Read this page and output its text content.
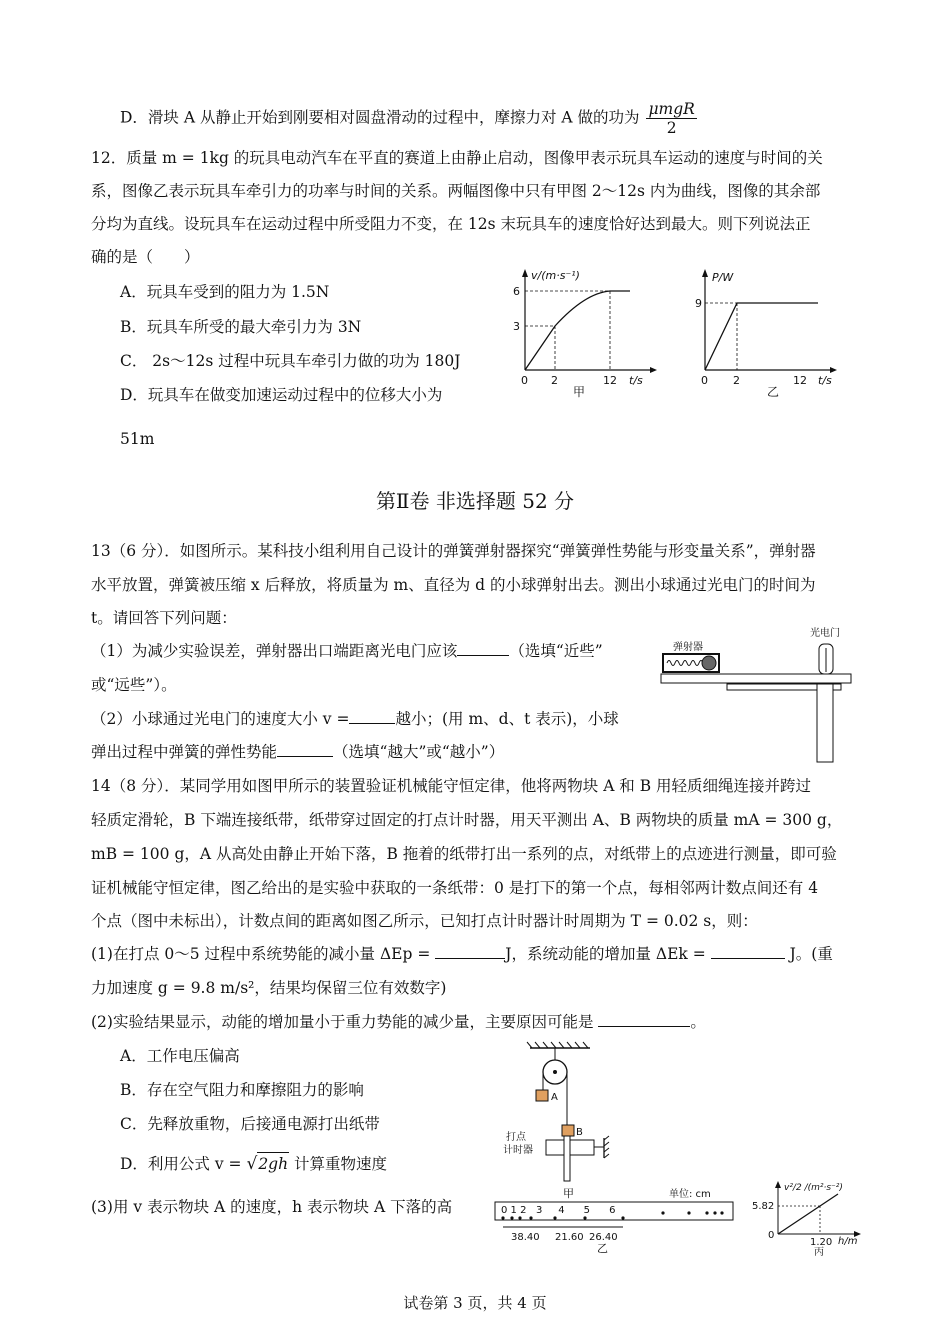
D．滑块 A 从静止开始到刚要相对圆盘滑动的过程中，摩擦力对 A 做的功为 $\frac{\text{μmgR}}{2}$
12．质量 m = 1kg 的玩具电动汽车在平直的赛道上由静止启动，图像甲表示玩具车运动的速度与时间的关
系，图像乙表示玩具车牵引力的功率与时间的关系。两幅图像中只有甲图 2～12s 内为曲线，图像的其余部
分均为直线。设玩具车在运动过程中所受阻力不变，在 12s 末玩具车的速度恰好达到最大。则下列说法正
确的是（　　）
A．玩具车受到的阻力为 1.5N
B．玩具车所受的最大牵引力为 3N
C． 2s～12s 过程中玩具车牵引力做的功为 180J
D．玩具车在做变加速运动过程中的位移大小为
51m
v/(m·s⁻¹)
6
3
0 2	12 t/s
甲
P/W
9
0 2	12 t/s
乙
第Ⅱ卷 非选择题 52 分
13（6 分）．如图所示。某科技小组利用自己设计的弹簧弹射器探究“弹簧弹性势能与形变量关系”，弹射器
水平放置，弹簧被压缩 x 后释放，将质量为 m、直径为 d 的小球弹射出去。测出小球通过光电门的时间为
t。请回答下列问题：
（1）为减少实验误差，弹射器出口端距离光电门应该	（选填“近些”
或“远些”）。
（2）小球通过光电门的速度大小 v =	越小；(用 m、d、t 表示)，小球
弹出过程中弹簧的弹性势能	（选填“越大”或“越小”）
弹射器
光电门
14（8 分）．某同学用如图甲所示的装置验证机械能守恒定律，他将两物块 A 和 B 用轻质细绳连接并跨过
轻质定滑轮，B 下端连接纸带，纸带穿过固定的打点计时器，用天平测出 A、B 两物块的质量 mA = 300 g，
mB = 100 g，A 从高处由静止开始下落，B 拖着的纸带打出一系列的点，对纸带上的点迹进行测量，即可验
证机械能守恒定律，图乙给出的是实验中获取的一条纸带：0 是打下的第一个点，每相邻两计数点间还有 4
个点（图中未标出），计数点间的距离如图乙所示，已知打点计时器计时周期为 T = 0.02 s，则：
(1)在打点 0～5 过程中系统势能的减小量 ΔEp =	J，系统动能的增加量 ΔEk =	J。(重
力加速度 g = 9.8 m/s²，结果均保留三位有效数字)
(2)实验结果显示，动能的增加量小于重力势能的减少量，主要原因可能是	。
A．工作电压偏高
B．存在空气阻力和摩擦阻力的影响
C．先释放重物，后接通电源打出纸带
D．利用公式 v = √2gh 计算重物速度
(3)用 v 表示物块 A 的速度，h 表示物块 A 下落的高
A
B
打点
计时器
甲	单位: cm
0 1 2   3     4      5      6
38.40 21.60 26.40
乙
v²/2 /(m²·s⁻²)
5.82
0
1.20 h/m
丙
试卷第 3 页，共 4 页
